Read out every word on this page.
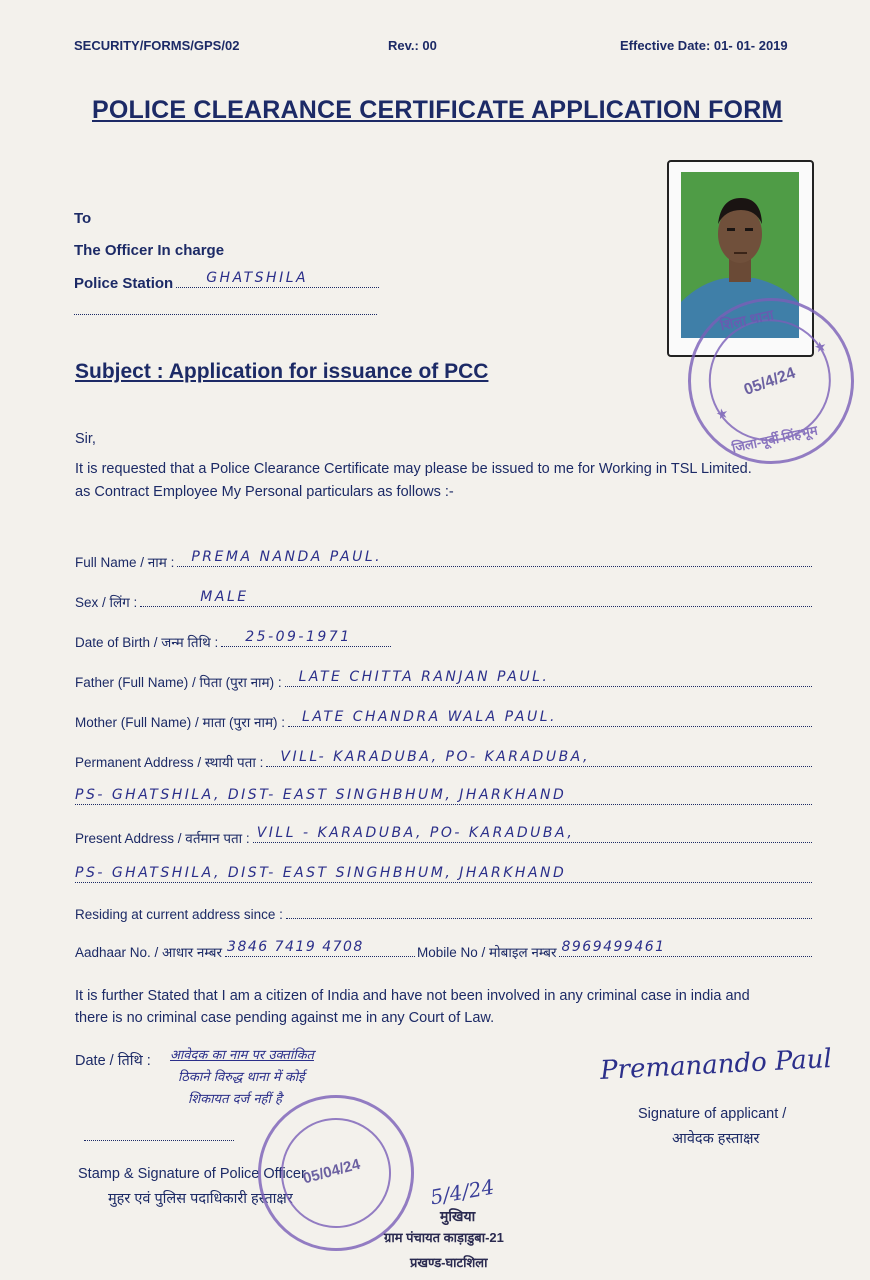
SECURITY/FORMS/GPS/02	Rev.: 00	Effective Date: 01- 01- 2019
POLICE CLEARANCE CERTIFICATE APPLICATION FORM
To
The Officer In charge
Police Station GHATSHILA
शिला थाना
05/4/24
जिला-पूर्वी सिंहभूम
★
★
Subject : Application for issuance of PCC
Sir,
It is requested that a Police Clearance Certificate may please be issued to me for Working in TSL Limited.
as Contract Employee My Personal particulars as follows :-
Full Name / नाम : PREMA NANDA PAUL.
Sex / लिंग :	MALE
Date of Birth / जन्म तिथि : 25-09-1971
Father (Full Name) / पिता (पुरा नाम) : LATE CHITTA RANJAN PAUL.
Mother (Full Name) / माता (पुरा नाम) : LATE CHANDRA WALA PAUL.
Permanent Address / स्थायी पता : VILL- KARADUBA, PO- KARADUBA,
PS- GHATSHILA, DIST- EAST SINGHBHUM, JHARKHAND
Present Address / वर्तमान पता : VILL - KARADUBA, PO- KARADUBA,
PS- GHATSHILA, DIST- EAST SINGHBHUM, JHARKHAND
Residing at current address since :
Aadhaar No. / आधार नम्बर 3846 7419 4708	Mobile No / मोबाइल नम्बर 8969499461
It is further Stated that I am a citizen of India and have not been involved in any criminal case in india and
there is no criminal case pending against me in any Court of Law.
Date / तिथि : आवेदक का नाम पर उक्तांकित
ठिकाने विरुद्ध थाना में कोई
शिकायत दर्ज नहीं है
Premanando Paul
Signature of applicant /
आवेदक हस्ताक्षर
Stamp & Signature of Police Officer
मुहर एवं पुलिस पदाधिकारी हस्ताक्षर
05/04/24
5/4/24
मुखिया
ग्राम पंचायत काड़ाडुबा-21
प्रखण्ड-घाटशिला
